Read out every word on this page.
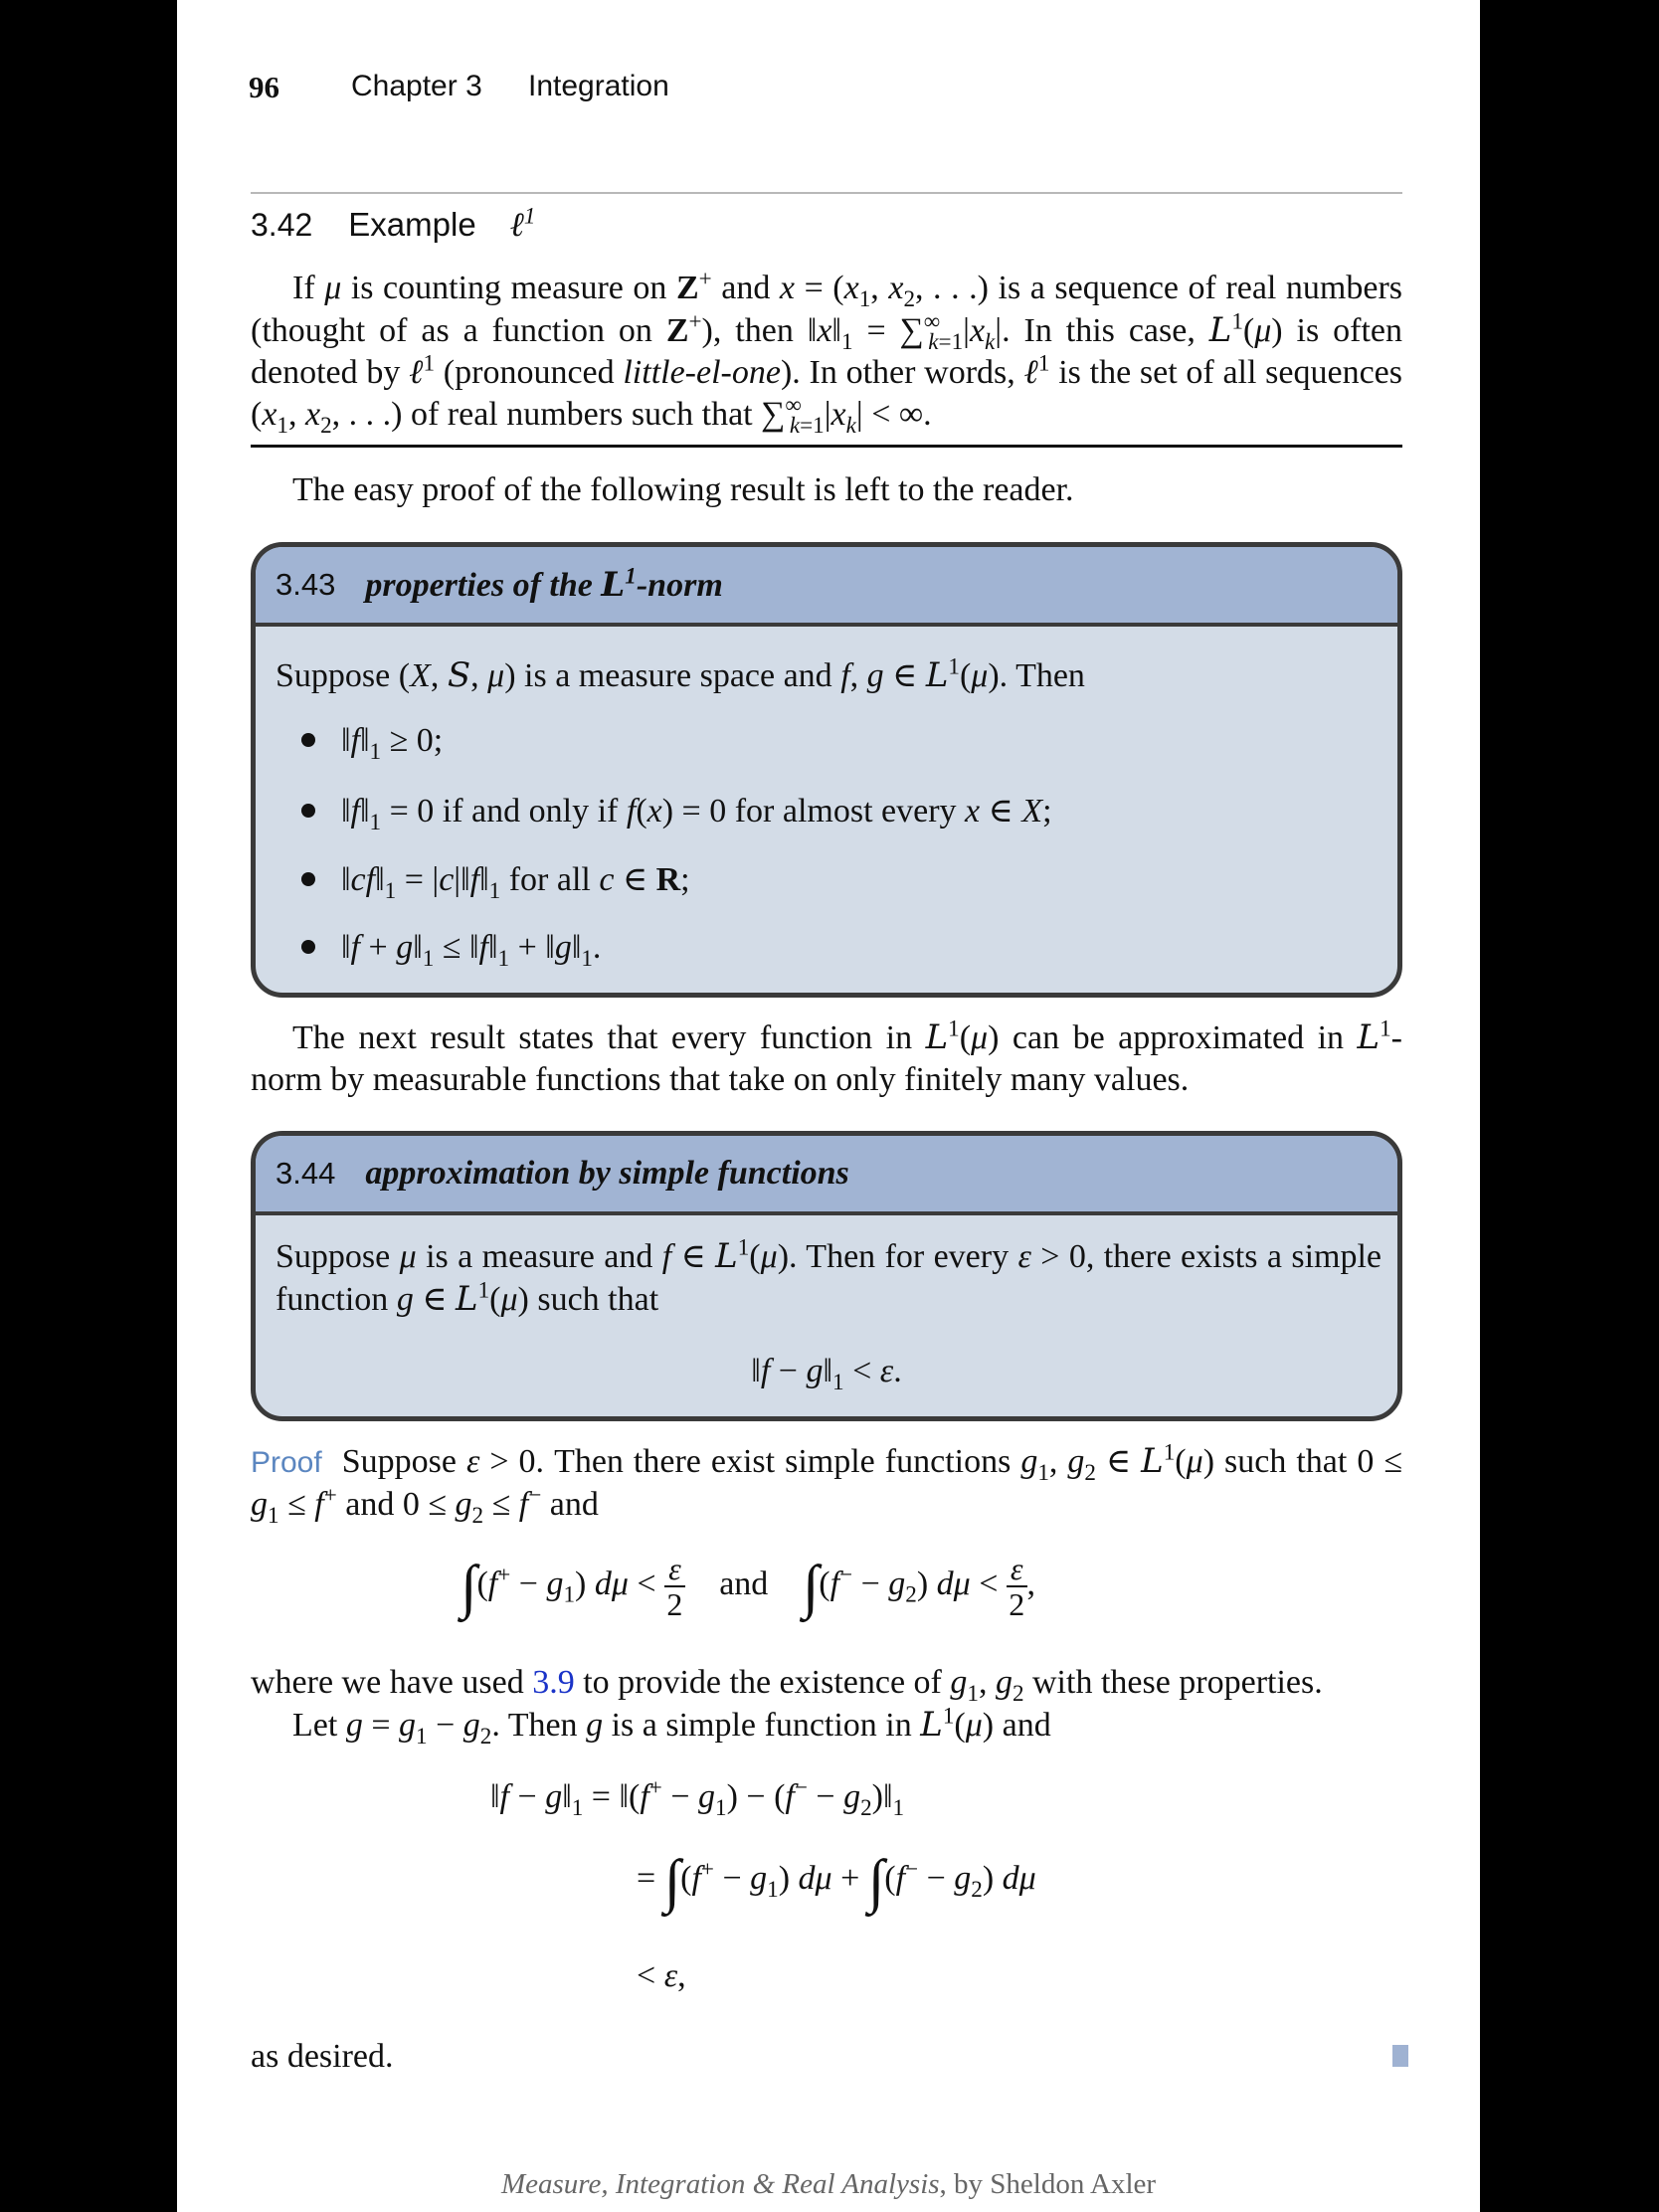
96 Chapter 3 Integration
3.42 Example ℓ$^1$
If μ is counting measure on Z+ and $x = (x_1$, $x_2$, . . .) is a sequence of real numbers (thought of as a function on Z+), then $‖x‖_1 = \sum^\infty_{k=1}|x_k|$. In this case, $L^1(\mu)$ is often denoted by ℓ$^1$ (pronounced little-el-one). In other words, ℓ$^1$ is the set of all sequences ($x_1$, $x_2$, . . .) of real numbers such that $\sum^\infty_{k=1}|x_k|$ < ∞.
The easy proof of the following result is left to the reader.
3.43 properties of the $L^1$-norm
Suppose (X, S, μ) is a measure space and f, g ∈ $L^1(\mu)$. Then
$‖f‖_1 \ge 0$;
$‖f‖_1 = 0$ if and only if f(x) = 0 for almost every x ∈ X;
$‖cf‖_1$ = $|c|‖f‖_1$ for all c ∈ R;
‖f + $g‖_1$ ≤ $‖f‖_1$ + $‖g‖_1$.
The next result states that every function in $L^1(\mu)$ can be approximated in $L^1$-norm by measurable functions that take on only finitely many values.
3.44 approximation by simple functions
Suppose μ is a measure and f ∈ $L^1(\mu)$. Then for every ε > 0, there exists a simple function g ∈ $L^1(\mu)$ such that
‖f − $g‖_1 < \varepsilon$.
Proof Suppose ε > 0. Then there exist simple functions $g_1$, $g_2$ ∈ $L^1(\mu)$ such that $0 \le g_1 \le f^+$ and $0 \le g_2 \le f^-$ and
$\int(f^+ - g_1)$ $d\mu < \frac{\varepsilon}{2}$ and $\int(f^- - g_2)$ $d\mu < \frac{\varepsilon}{2}$ ,
where we have used 3.9 to provide the existence of $g_1$, $g_2$ with these properties.
Let $g = g_1 - g_2$. Then g is a simple function in $L^1(\mu)$ and
‖f − $g‖_1$ = ‖(f+ − $g_1) - (f^-$ − $g_2)‖_1$
= $\int(f^+ - g_1)$ $d\mu + \int(f^- - g_2)$ dμ
< ε,
as desired.
Measure, Integration & Real Analysis, by Sheldon Axler
